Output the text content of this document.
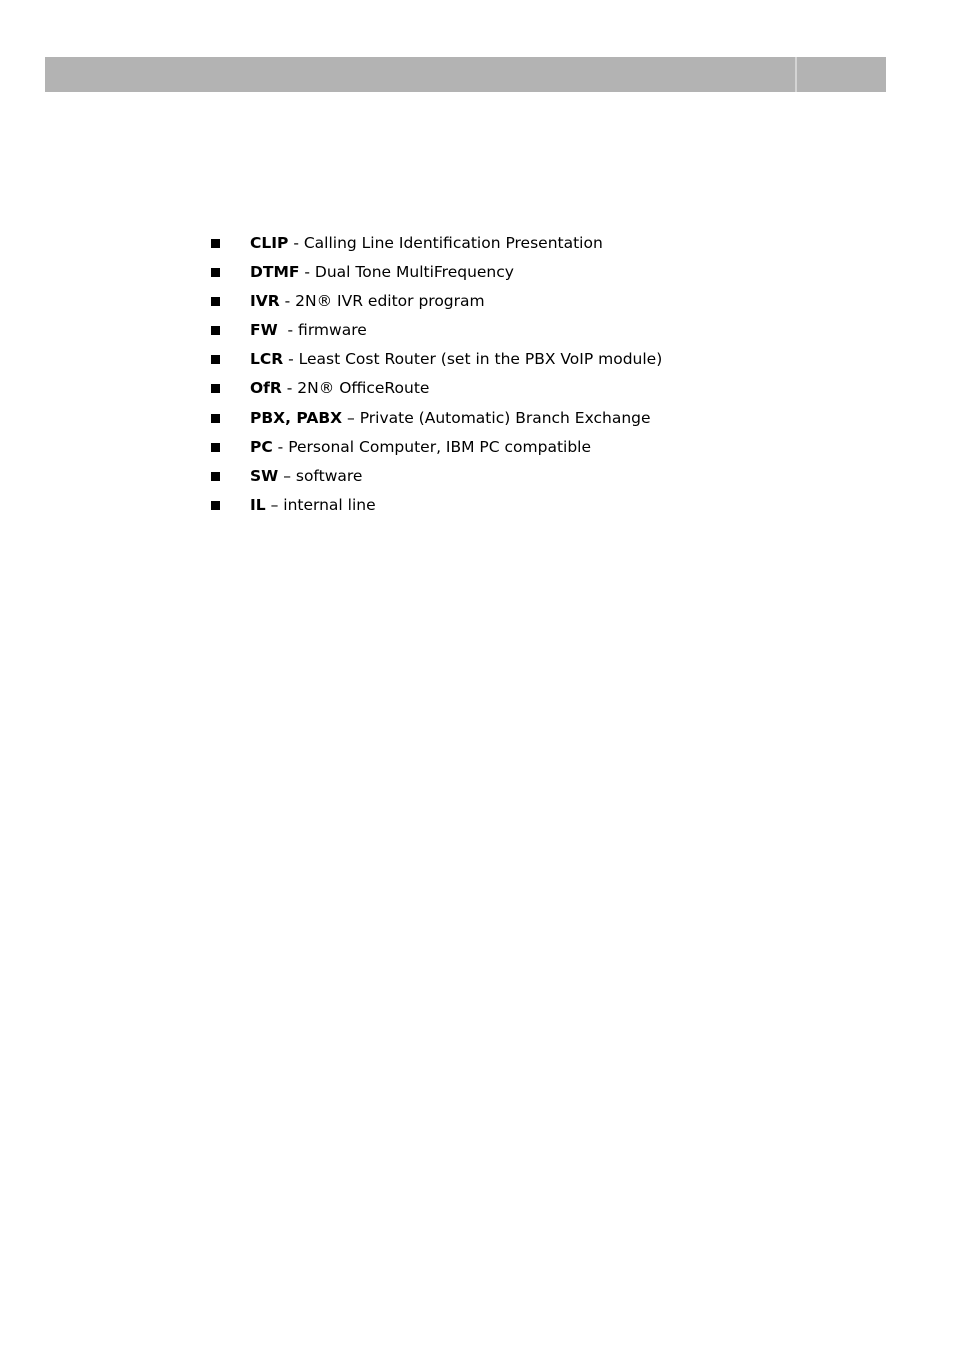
CLIP - Calling Line Identification Presentation
DTMF - Dual Tone MultiFrequency
IVR - 2N® IVR editor program
FW  - firmware
LCR - Least Cost Router (set in the PBX VoIP module)
OfR - 2N® OfficeRoute
PBX, PABX – Private (Automatic) Branch Exchange
PC - Personal Computer, IBM PC compatible
SW – software
IL – internal line
